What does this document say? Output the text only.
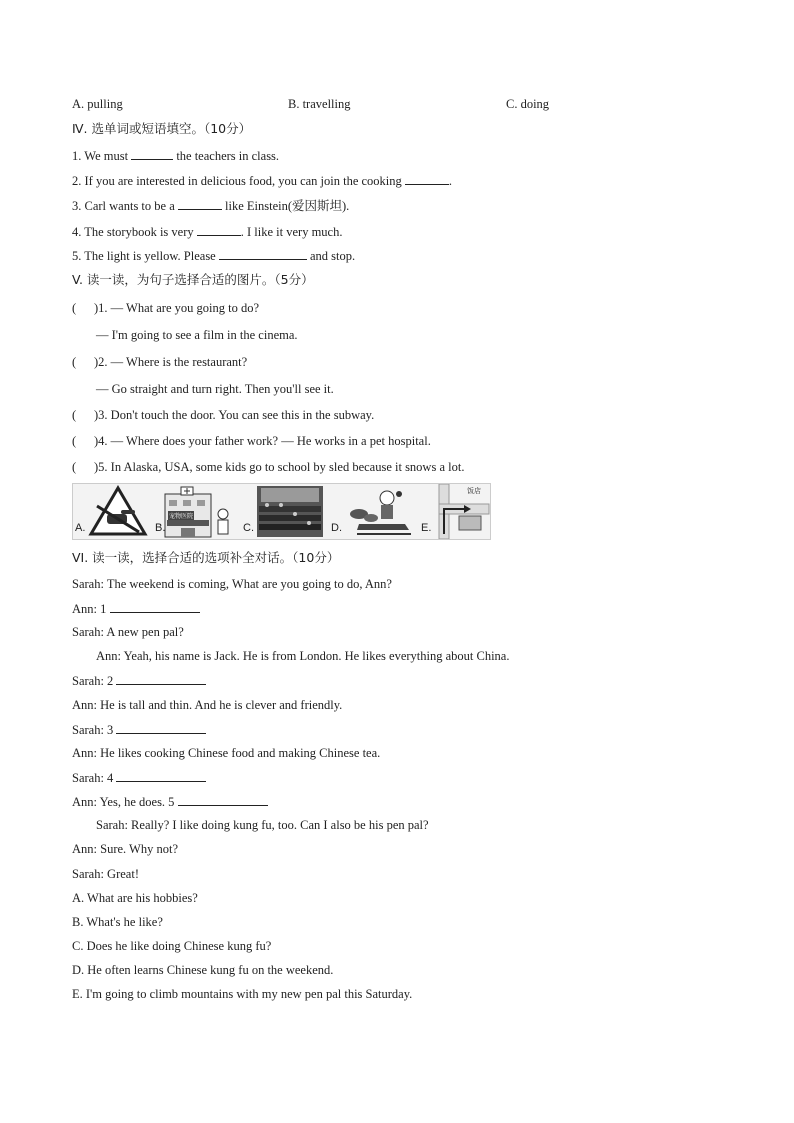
A. pulling	B. travelling	C. doing
Ⅳ. 选单词或短语填空。（10分）
1. We must	the teachers in class.
2. If you are interested in delicious food, you can join the cooking	.
3. Carl wants to be a	like Einstein(爱因斯坦).
4. The storybook is very	. I like it very much.
5. The light is yellow. Please	and stop.
V. 读一读，为句子选择合适的图片。（5分）
( )1. — What are you going to do?
— I'm going to see a film in the cinema.
( )2. — Where is the restaurant?
— Go straight and turn right. Then you'll see it.
( )3. Don't touch the door. You can see this in the subway.
( )4. — Where does your father work? — He works in a pet hospital.
( )5. In Alaska, USA, some kids go to school by sled because it snows a lot.
A.	B.
宠物医院
C.	D.	E.
饭店
VI. 读一读，选择合适的选项补全对话。（10分）
Sarah: The weekend is coming, What are you going to do, Ann?
Ann: 1
Sarah: A new pen pal?
Ann: Yeah, his name is Jack. He is from London. He likes everything about China.
Sarah: 2
Ann: He is tall and thin. And he is clever and friendly.
Sarah: 3
Ann: He likes cooking Chinese food and making Chinese tea.
Sarah: 4
Ann: Yes, he does. 5
Sarah: Really? I like doing kung fu, too. Can I also be his pen pal?
Ann: Sure. Why not?
Sarah: Great!
A. What are his hobbies?
B. What's he like?
C. Does he like doing Chinese kung fu?
D. He often learns Chinese kung fu on the weekend.
E. I'm going to climb mountains with my new pen pal this Saturday.
